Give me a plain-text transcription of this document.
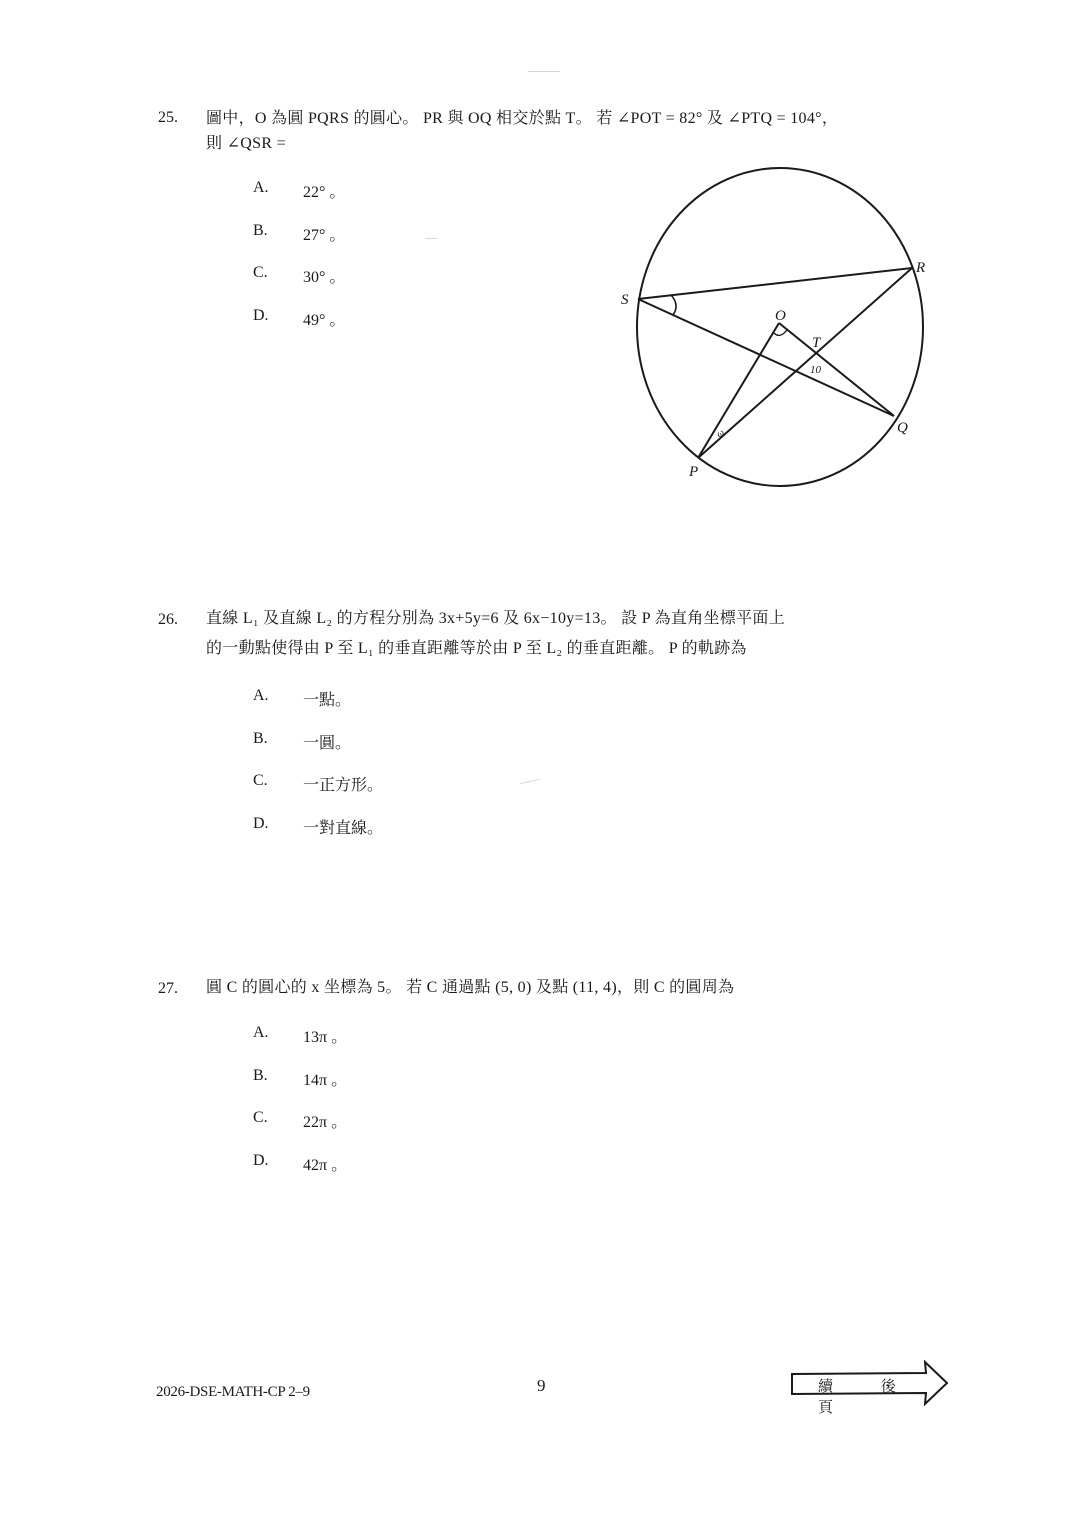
25. 圖中，O 為圓 PQRS 的圓心。 PR 與 OQ 相交於點 T。 若 ∠POT = 82° 及 ∠PTQ = 104°，
則 ∠QSR =
A. 22° 。
B. 27° 。
C. 30° 。
D. 49° 。
S
R
O
T
Q
P
10
ω
26. 直線 L₁ 及直線 L₂ 的方程分別為 3x+5y=6 及 6x−10y=13。 設 P 為直角坐標平面上
的一動點使得由 P 至 L₁ 的垂直距離等於由 P 至 L₂ 的垂直距離。 P 的軌跡為
A. 一點。
B. 一圓。
C. 一正方形。
D. 一對直線。
27. 圓 C 的圓心的 x 坐標為 5。 若 C 通過點 (5, 0) 及點 (11, 4)，則 C 的圓周為
A. 13π 。
B. 14π 。
C. 22π 。
D. 42π 。
2026-DSE-MATH-CP 2–9	9	續 後 頁
